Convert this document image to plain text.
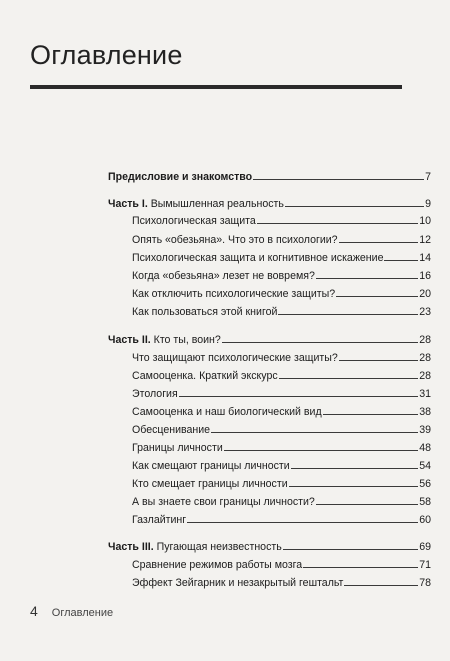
Оглавление
Предисловие и знакомство	7
Часть I. Вымышленная реальность	9
Психологическая защита	10
Опять «обезьяна». Что это в психологии?	12
Психологическая защита и когнитивное искажение	14
Когда «обезьяна» лезет не вовремя?	16
Как отключить психологические защиты?	20
Как пользоваться этой книгой	23
Часть II. Кто ты, воин?	28
Что защищают психологические защиты?	28
Самооценка. Краткий экскурс	28
Этология	31
Самооценка и наш биологический вид	38
Обесценивание	39
Границы личности	48
Как смещают границы личности	54
Кто смещает границы личности	56
А вы знаете свои границы личности?	58
Газлайтинг	60
Часть III. Пугающая неизвестность	69
Сравнение режимов работы мозга	71
Эффект Зейгарник и незакрытый гештальт	78
4 Оглавление
